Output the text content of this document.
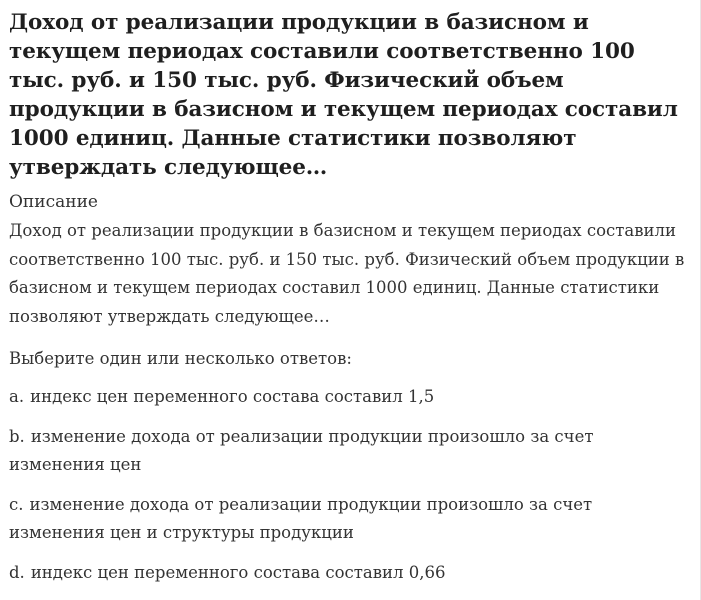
Доход от реализации продукции в базисном и текущем периодах составили соответственно 100 тыс. руб. и 150 тыс. руб. Физический объем продукции в базисном и текущем периодах составил 1000 единиц. Данные статистики позволяют утверждать следующее…
Описание
Доход от реализации продукции в базисном и текущем периодах составили соответственно 100 тыс. руб. и 150 тыс. руб. Физический объем продукции в базисном и текущем периодах составил 1000 единиц. Данные статистики позволяют утверждать следующее…
Выберите один или несколько ответов:
a. индекс цен переменного состава составил 1,5
b. изменение дохода от реализации продукции произошло за счет изменения цен
c. изменение дохода от реализации продукции произошло за счет изменения цен и структуры продукции
d. индекс цен переменного состава составил 0,66
